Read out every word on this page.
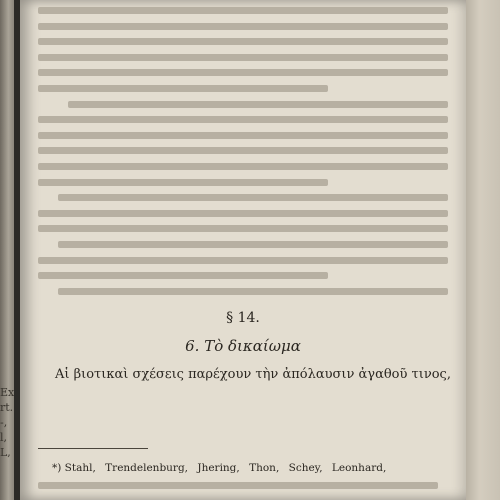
Ex
rt.
-,
l,
L,
§ 14.
6. Τὸ δικαίωμα
Αἱ βιοτικαὶ σχέσεις παρέχουν τὴν ἀπόλαυσιν ἀγαθοῦ τινος,
*) Stahl, Trendelenburg, Jhering, Thon, Schey, Leonhard,
